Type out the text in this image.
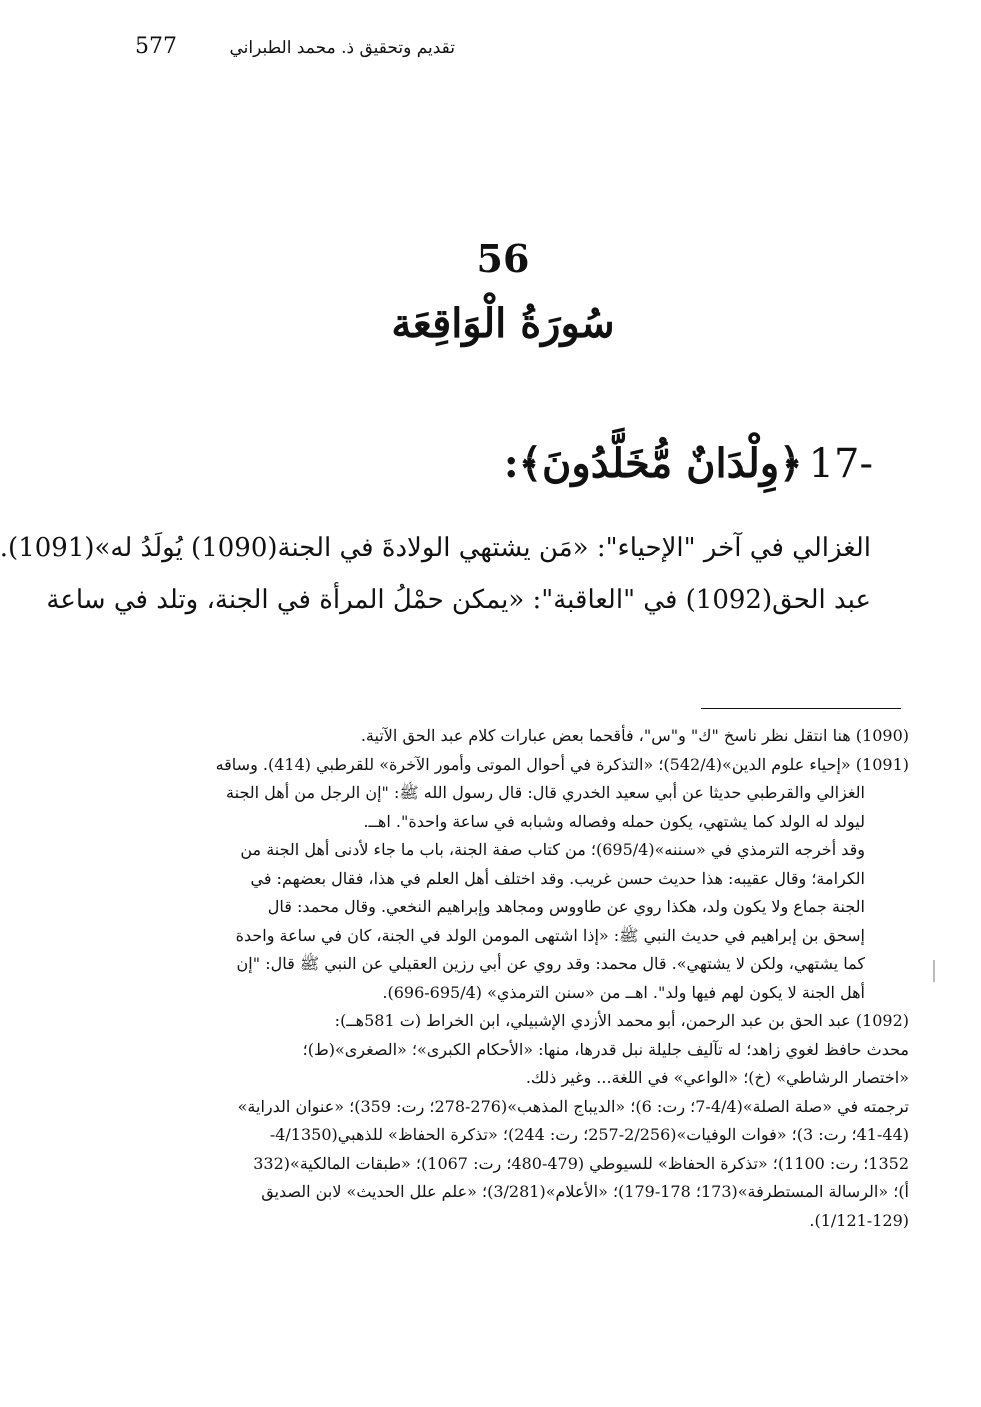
577	تقديم وتحقيق ذ. محمد الطبراني
56
سُورَةُ الْوَاقِعَة
17-
﴿وِلْدَانٌ مُّخَلَّدُونَ﴾:
الغزالي في آخر "الإحياء": «مَن يشتهي الولادةَ في الجنة(1090) يُولَدُ له»(1091).
عبد الحق(1092) في "العاقبة": «يمكن حمْلُ المرأة في الجنة، وتلد في ساعة
(1090) هنا انتقل نظر ناسخ "ك" و"س"، فأقحما بعض عبارات كلام عبد الحق الآتية.
(1091) «إحياء علوم الدين»(542/4)؛ «التذكرة في أحوال الموتى وأمور الآخرة» للقرطبي (414). وساقه
الغزالي والقرطبي حديثا عن أبي سعيد الخدري قال: قال رسول الله ﷺ: "إن الرجل من أهل الجنة
ليولد له الولد كما يشتهي، يكون حمله وفصاله وشبابه في ساعة واحدة". اهــ.
وقد أخرجه الترمذي في «سننه»(695/4)؛ من كتاب صفة الجنة، باب ما جاء لأدنى أهل الجنة من
الكرامة؛ وقال عقيبه: هذا حديث حسن غريب. وقد اختلف أهل العلم في هذا، فقال بعضهم: في
الجنة جماع ولا يكون ولد، هكذا روي عن طاووس ومجاهد وإبراهيم النخعي. وقال محمد: قال
إسحق بن إبراهيم في حديث النبي ﷺ: «إذا اشتهى المومن الولد في الجنة، كان في ساعة واحدة
كما يشتهي، ولكن لا يشتهي». قال محمد: وقد روي عن أبي رزين العقيلي عن النبي ﷺ قال: "إن
أهل الجنة لا يكون لهم فيها ولد". اهــ من «سنن الترمذي» (695/4-696).
(1092) عبد الحق بن عبد الرحمن، أبو محمد الأزدي الإشبيلي، ابن الخراط (ت 581هــ):
محدث حافظ لغوي زاهد؛ له تآليف جليلة نبل قدرها، منها: «الأحكام الكبرى»؛ «الصغرى»(ط)؛
«اختصار الرشاطي» (خ)؛ «الواعي» في اللغة... وغير ذلك.
ترجمته في «صلة الصلة»(4/4-7؛ رت: 6)؛ «الديباج المذهب»(276-278؛ رت: 359)؛ «عنوان الدراية»
(41-44؛ رت: 3)؛ «فوات الوفيات»(2/256-257؛ رت: 244)؛ «تذكرة الحفاظ» للذهبي(4/1350-
1352؛ رت: 1100)؛ «تذكرة الحفاظ» للسيوطي (479-480؛ رت: 1067)؛ «طبقات المالكية»(332
أ)؛ «الرسالة المستطرفة»(173؛ 178-179)؛ «الأعلام»(3/281)؛ «علم علل الحديث» لابن الصديق
(1/121-129).
